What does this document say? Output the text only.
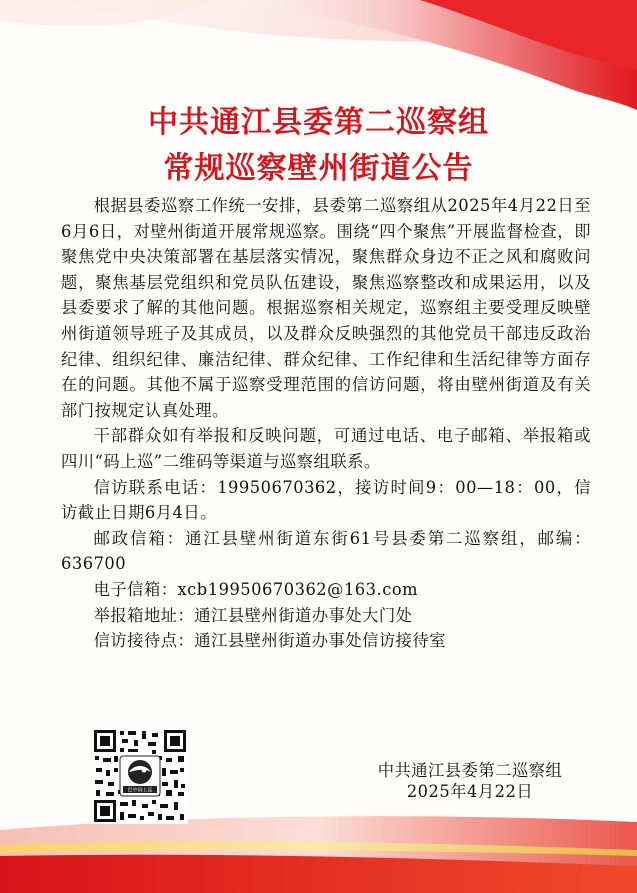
中共通江县委第二巡察组
常规巡察壁州街道公告

根据县委巡察工作统一安排，县委第二巡察组从2025年4月22日至6月6日，对壁州街道开展常规巡察。围绕“四个聚焦”开展监督检查，即聚焦党中央决策部署在基层落实情况，聚焦群众身边不正之风和腐败问题，聚焦基层党组织和党员队伍建设，聚焦巡察整改和成果运用，以及县委要求了解的其他问题。根据巡察相关规定，巡察组主要受理反映壁州街道领导班子及其成员，以及群众反映强烈的其他党员干部违反政治纪律、组织纪律、廉洁纪律、群众纪律、工作纪律和生活纪律等方面存在的问题。其他不属于巡察受理范围的信访问题，将由壁州街道及有关部门按规定认真处理。

干部群众如有举报和反映问题，可通过电话、电子邮箱、举报箱或四川“码上巡”二维码等渠道与巡察组联系。

信访联系电话：19950670362，接访时间9：00—18：00，信访截止日期6月4日。

邮政信箱：通江县壁州街道东街61号县委第二巡察组，邮编：636700

电子信箱：xcb19950670362@163.com

举报箱地址：通江县壁州街道办事处大门处

信访接待点：通江县壁州街道办事处信访接待室

巴中码上巡
中共通江县委第二巡察组
2025年4月22日
